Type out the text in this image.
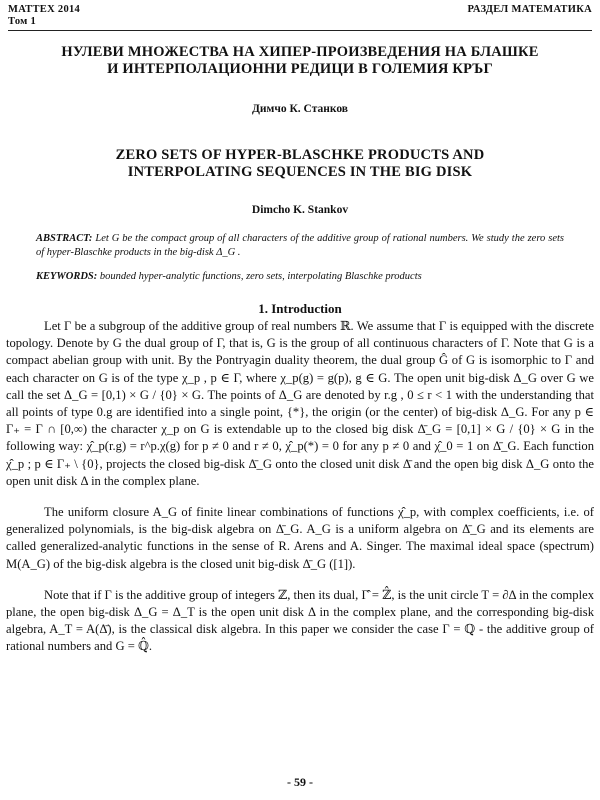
МАТТЕХ 2014
Том 1
РАЗДЕЛ МАТЕМАТИКА
НУЛЕВИ МНОЖЕСТВА НА ХИПЕР-ПРОИЗВЕДЕНИЯ НА БЛАШКЕ
И ИНТЕРПОЛАЦИОННИ РЕДИЦИ В ГОЛЕМИЯ КРЪГ
Димчо К. Станков
ZERO SETS OF HYPER-BLASCHKE PRODUCTS AND
INTERPOLATING SEQUENCES IN THE BIG DISK
Dimcho K. Stankov
ABSTRACT: Let G be the compact group of all characters of the additive group of rational numbers. We study the zero sets of hyper-Blaschke products in the big-disk Δ_G .
KEYWORDS: bounded hyper-analytic functions, zero sets, interpolating Blaschke products
1. Introduction

Let Γ be a subgroup of the additive group of real numbers ℝ. We assume that Γ is equipped with the discrete topology. Denote by G the dual group of Γ, that is, G is the group of all continuous characters of Γ. Note that G is a compact abelian group with unit. By the Pontryagin duality theorem, the dual group Ĝ of G is isomorphic to Γ and each character on G is of the type χ_p , p ∈ Γ, where χ_p(g) = g(p), g ∈ G. The open unit big-disk Δ_G over G we call the set Δ_G = [0,1) × G / {0} × G. The points of Δ_G are denoted by r.g , 0 ≤ r < 1 with the understanding that all points of type 0.g are identified into a single point, {*}, the origin (or the center) of big-disk Δ_G. For any p ∈ Γ₊ = Γ ∩ [0,∞) the character χ_p on G is extendable up to the closed big disk Δ̄_G = [0,1] × G / {0} × G in the following way: χ̂_p(r.g) = r^p.χ(g) for p ≠ 0 and r ≠ 0, χ̂_p(*) = 0 for any p ≠ 0 and χ̂_0 = 1 on Δ̄_G. Each function χ̂_p ; p ∈ Γ₊ \ {0}, projects the closed big-disk Δ̄_G onto the closed unit disk Δ̄ and the open big disk Δ_G onto the open unit disk Δ in the complex plane.

The uniform closure A_G of finite linear combinations of functions χ̂_p, with complex coefficients, i.e. of generalized polynomials, is the big-disk algebra on Δ̄_G. A_G is a uniform algebra on Δ̄_G and its elements are called generalized-analytic functions in the sense of R. Arens and A. Singer. The maximal ideal space (spectrum) M(A_G) of the big-disk algebra is the closed unit big-disk Δ̄_G ([1]).

Note that if Γ is the additive group of integers ℤ, then its dual, Γ̂ = ℤ̂, is the unit circle T = ∂Δ in the complex plane, the open big-disk Δ_G = Δ_T is the open unit disk Δ in the complex plane, and the corresponding big-disk algebra, A_T = A(Δ̄), is the classical disk algebra. In this paper we consider the case Γ = ℚ - the additive group of rational numbers and G = ℚ̂.

- 59 -
